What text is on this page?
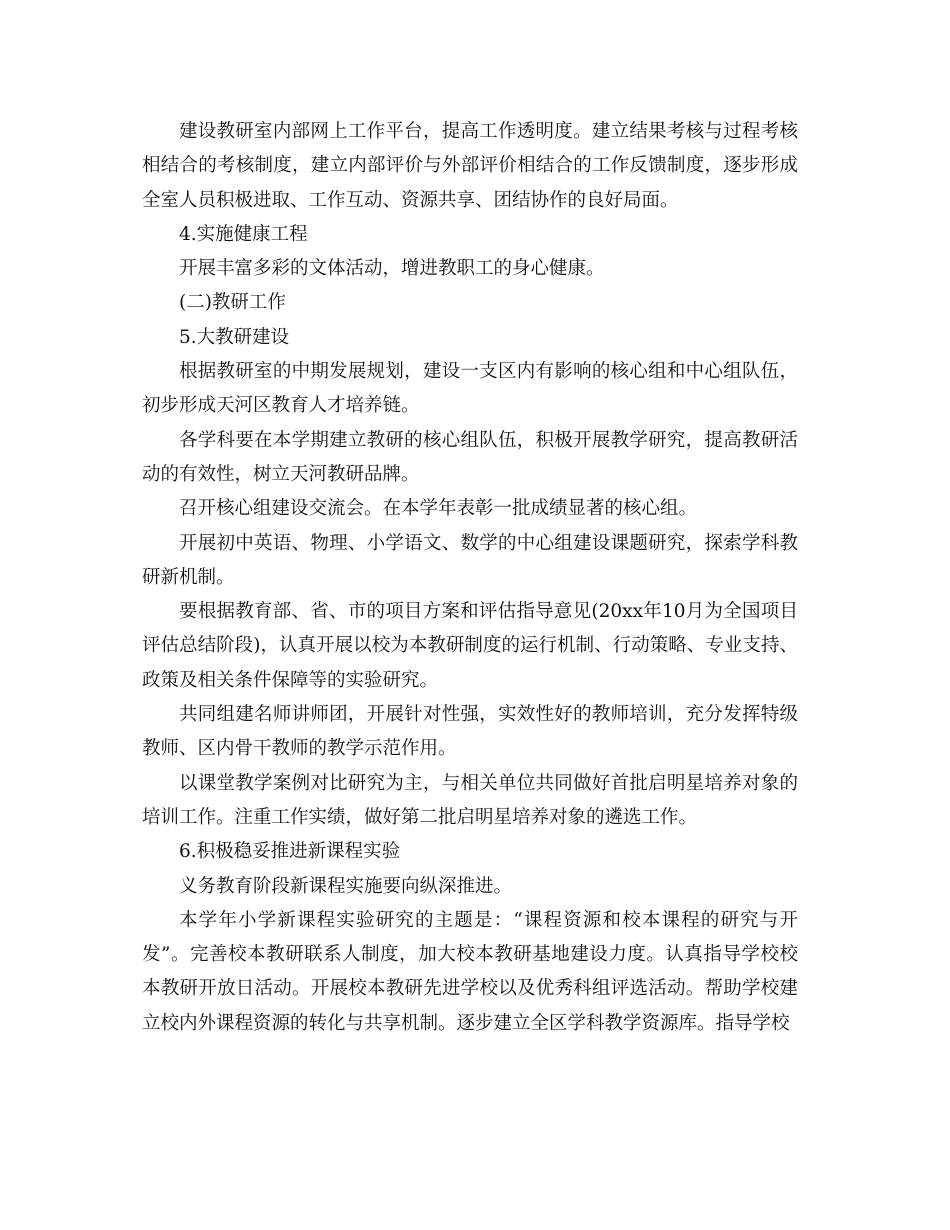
建设教研室内部网上工作平台，提高工作透明度。建立结果考核与过程考核相结合的考核制度，建立内部评价与外部评价相结合的工作反馈制度，逐步形成全室人员积极进取、工作互动、资源共享、团结协作的良好局面。

4.实施健康工程

开展丰富多彩的文体活动，增进教职工的身心健康。

(二)教研工作

5.大教研建设

根据教研室的中期发展规划，建设一支区内有影响的核心组和中心组队伍，初步形成天河区教育人才培养链。

各学科要在本学期建立教研的核心组队伍，积极开展教学研究，提高教研活动的有效性，树立天河教研品牌。

召开核心组建设交流会。在本学年表彰一批成绩显著的核心组。

开展初中英语、物理、小学语文、数学的中心组建设课题研究，探索学科教研新机制。

要根据教育部、省、市的项目方案和评估指导意见(20xx年10月为全国项目评估总结阶段)，认真开展以校为本教研制度的运行机制、行动策略、专业支持、政策及相关条件保障等的实验研究。

共同组建名师讲师团，开展针对性强，实效性好的教师培训，充分发挥特级教师、区内骨干教师的教学示范作用。

以课堂教学案例对比研究为主，与相关单位共同做好首批启明星培养对象的培训工作。注重工作实绩，做好第二批启明星培养对象的遴选工作。

6.积极稳妥推进新课程实验

义务教育阶段新课程实施要向纵深推进。

本学年小学新课程实验研究的主题是：“课程资源和校本课程的研究与开发”。完善校本教研联系人制度，加大校本教研基地建设力度。认真指导学校校本教研开放日活动。开展校本教研先进学校以及优秀科组评选活动。帮助学校建立校内外课程资源的转化与共享机制。逐步建立全区学科教学资源库。指导学校
